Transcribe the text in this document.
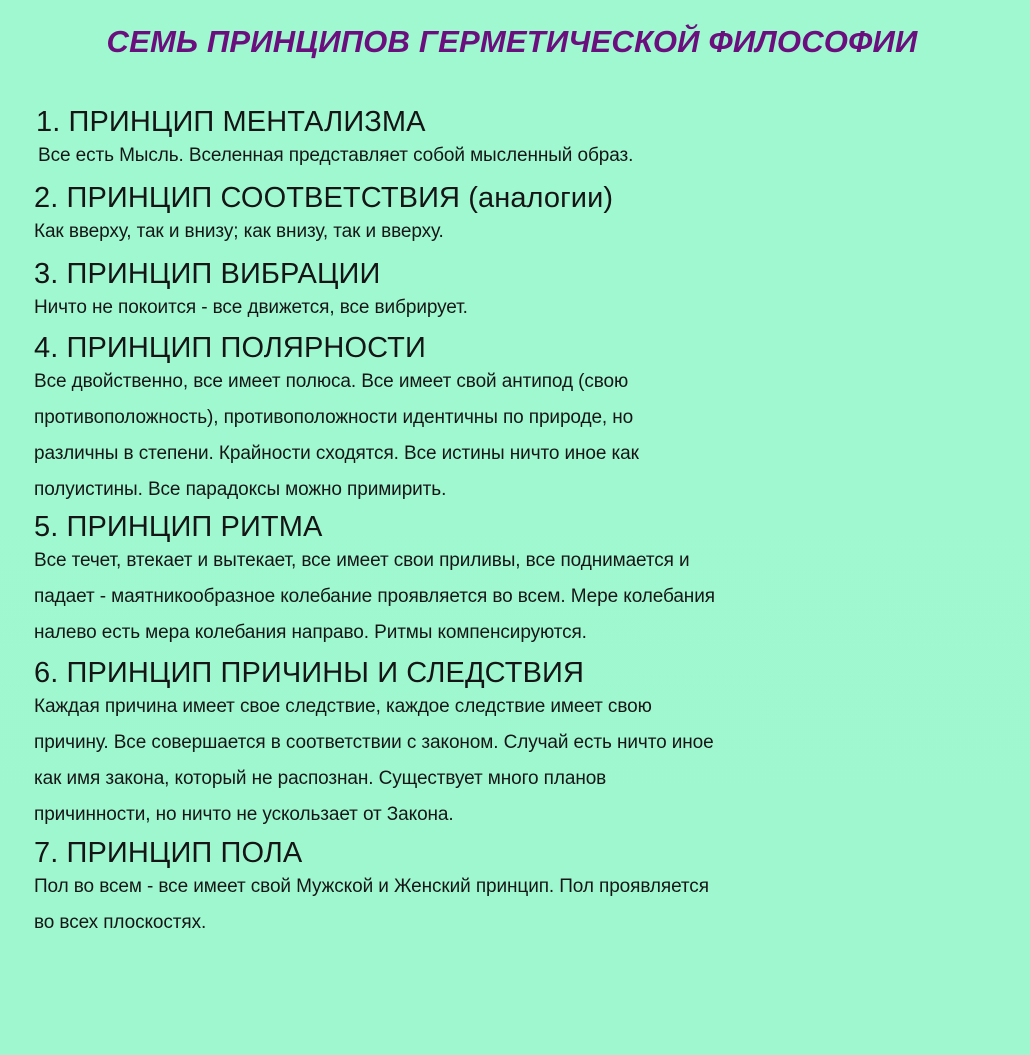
СЕМЬ ПРИНЦИПОВ ГЕРМЕТИЧЕСКОЙ ФИЛОСОФИИ
1. ПРИНЦИП МЕНТАЛИЗМА

Все есть Мысль. Вселенная представляет собой мысленный образ.

2. ПРИНЦИП СООТВЕТСТВИЯ (аналогии)

Как вверху, так и внизу; как внизу, так и вверху.

3. ПРИНЦИП ВИБРАЦИИ

Ничто не покоится - все движется, все вибрирует.

4. ПРИНЦИП ПОЛЯРНОСТИ

Все двойственно, все имеет полюса. Все имеет свой антипод (свою
противоположность), противоположности идентичны по природе, но
различны в степени. Крайности сходятся. Все истины ничто иное как
полуистины. Все парадоксы можно примирить.

5. ПРИНЦИП РИТМА

Все течет, втекает и вытекает, все имеет свои приливы, все поднимается и
падает - маятникообразное колебание проявляется во всем. Мере колебания
налево есть мера колебания направо. Ритмы компенсируются.

6. ПРИНЦИП ПРИЧИНЫ И СЛЕДСТВИЯ

Каждая причина имеет свое следствие, каждое следствие имеет свою
причину. Все совершается в соответствии с законом. Случай есть ничто иное
как имя закона, который не распознан. Существует много планов
причинности, но ничто не ускользает от Закона.

7. ПРИНЦИП ПОЛА

Пол во всем - все имеет свой Мужской и Женский принцип. Пол проявляется
во всех плоскостях.
